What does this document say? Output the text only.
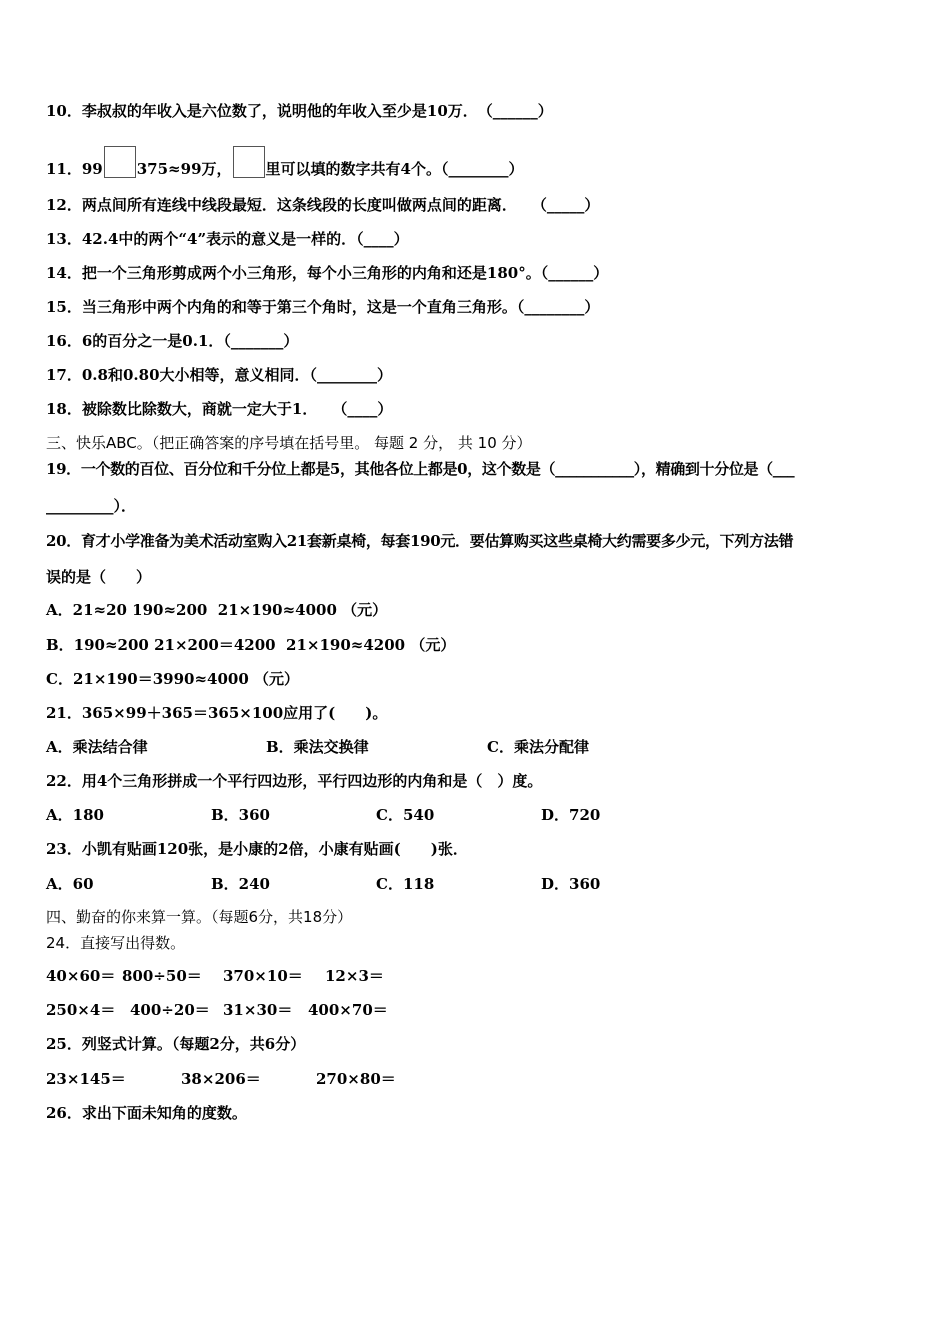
10．李叔叔的年收入是六位数了，说明他的年收入至少是10万．　（______）
11．99 375≈99万， 里可以填的数字共有4个。（________）
12．两点间所有连线中线段最短．这条线段的长度叫做两点间的距离．　　（_____）
13．42.4中的两个“4”表示的意义是一样的．（____）
14．把一个三角形剪成两个小三角形，每个小三角形的内角和还是180°。（______）
15．当三角形中两个内角的和等于第三个角时，这是一个直角三角形。（________）
16．6的百分之一是0.1．（_______）
17．0.8和0.80大小相等，意义相同．（________）
18．被除数比除数大，商就一定大于1．　　（____）
三、快乐ABC。（把正确答案的序号填在括号里。 每题 2 分， 共 10 分）
19．一个数的百位、百分位和千分位上都是5，其他各位上都是0，这个数是（___________），精确到十分位是（___
_________）．
20．育才小学准备为美术活动室购入21套新桌椅，每套190元．要估算购买这些桌椅大约需要多少元，下列方法错
误的是（　　）
A．21≈20 190≈200  21×190≈4000 （元）
B．190≈200 21×200＝4200  21×190≈4200 （元）
C．21×190＝3990≈4000 （元）
21．365×99＋365＝365×100应用了(　　)。
A．乘法结合律	B．乘法交换律	C．乘法分配律
22．用4个三角形拼成一个平行四边形，平行四边形的内角和是（　）度。
A．180	B．360	C．540	D．720
23．小凯有贴画120张，是小康的2倍，小康有贴画(　　)张．
A．60	B．240	C．118	D．360
四、勤奋的你来算一算。（每题6分，共18分）
24．直接写出得数。
40×60＝ 800÷50＝ 370×10＝ 12×3＝
250×4＝ 400÷20＝ 31×30＝ 400×70＝
25．列竖式计算。（每题2分，共6分）
23×145＝	38×206＝	270×80＝
26．求出下面未知角的度数。
